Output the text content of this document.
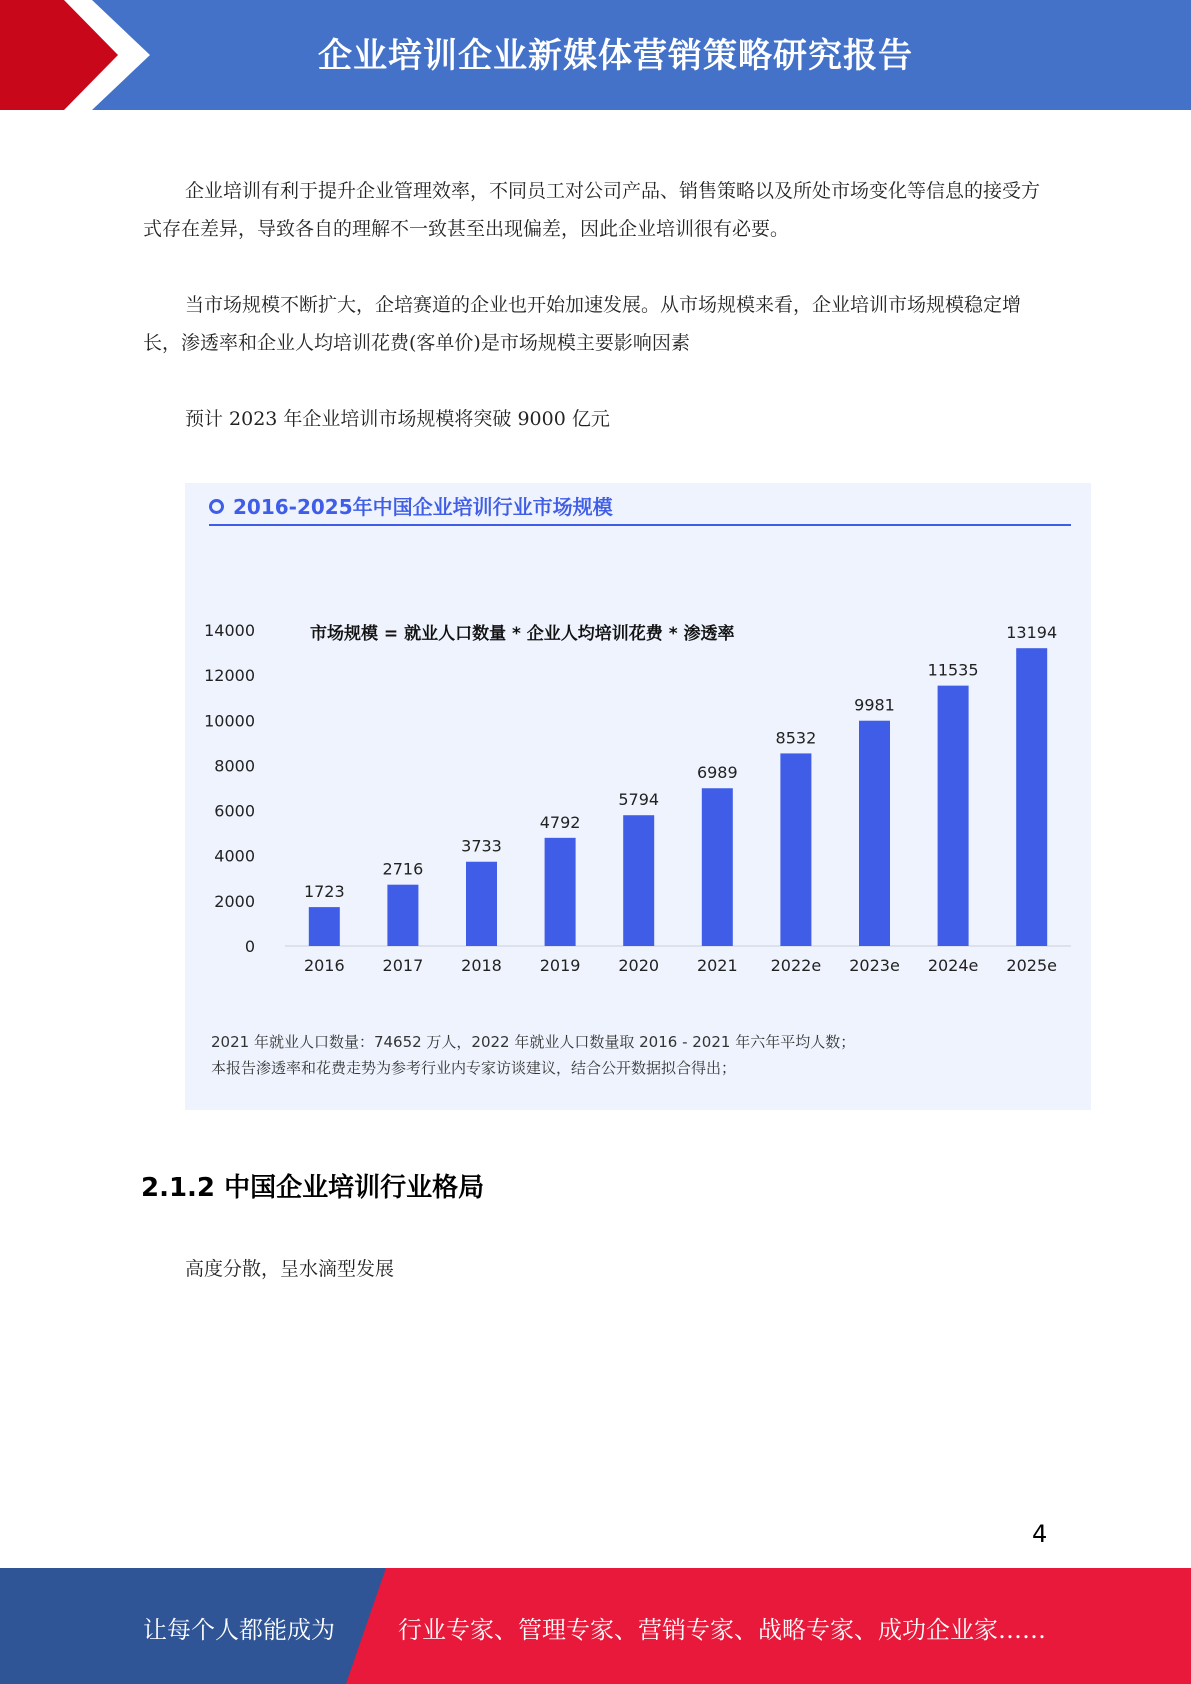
企业培训企业新媒体营销策略研究报告

企业培训有利于提升企业管理效率，不同员工对公司产品、销售策略以及所处市场变化等信息的接受方式存在差异，导致各自的理解不一致甚至出现偏差，因此企业培训很有必要。

当市场规模不断扩大，企培赛道的企业也开始加速发展。从市场规模来看，企业培训市场规模稳定增长，渗透率和企业人均培训花费(客单价)是市场规模主要影响因素

预计 2023 年企业培训市场规模将突破 9000 亿元

2016-2025年中国企业培训行业市场规模
0
2000
4000
6000
8000
10000
12000
14000	市场规模 = 就业人口数量 * 企业人均培训花费 * 渗透率
1723
2016
2716
2017
3733
2018
4792
2019
5794
2020
6989
2021
8532
2022e
9981
2023e
11535
2024e
13194
2025e
2021 年就业人口数量：74652 万人，2022 年就业人口数量取 2016 - 2021 年六年平均人数；
本报告渗透率和花费走势为参考行业内专家访谈建议，结合公开数据拟合得出；
2.1.2 中国企业培训行业格局

高度分散，呈水滴型发展

4
让每个人都能成为	行业专家、管理专家、营销专家、战略专家、成功企业家……
